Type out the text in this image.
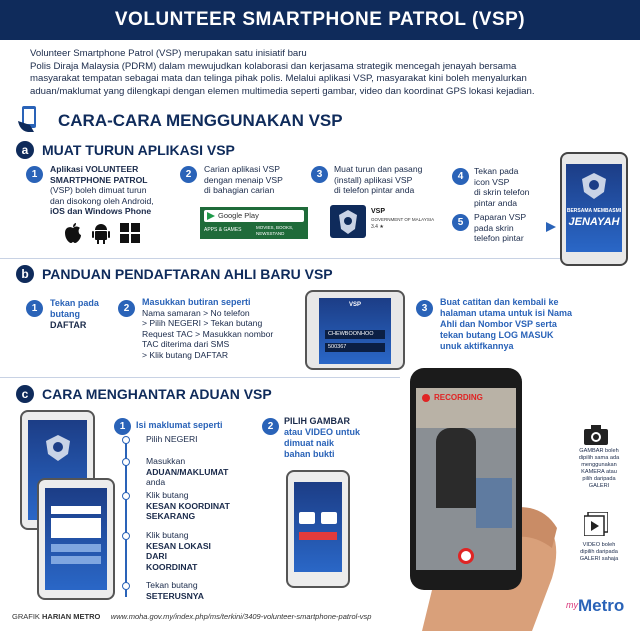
VOLUNTEER SMARTPHONE PATROL (VSP)
Volunteer Smartphone Patrol (VSP) merupakan satu inisiatif baru
Polis Diraja Malaysia (PDRM) dalam mewujudkan kolaborasi dan kerjasama strategik mencegah jenayah bersama
masyarakat tempatan sebagai mata dan telinga pihak polis. Melalui aplikasi VSP, masyarakat kini boleh menyalurkan
aduan/maklumat yang dilengkapi dengan elemen multimedia seperti gambar, video dan koordinat GPS lokasi kejadian.
CARA-CARA MENGGUNAKAN VSP
a MUAT TURUN APLIKASI VSP
1	Aplikasi VOLUNTEER
SMARTPHONE PATROL
(VSP) boleh dimuat turun
dan disokong oleh Android,
iOS dan Windows Phone
2	Carian aplikasi VSP
dengan menaip VSP
di bahagian carian
Google Play
APPS & GAMES	MOVIES, BOOKS, NEWSSTAND
3	Muat turun dan pasang
(install) aplikasi VSP
di telefon pintar anda
VSP
GOVERNMENT OF MALAYSIA
3.4 ★
4	Tekan pada
icon VSP
di skrin telefon
pintar anda
5	Paparan VSP
pada skrin
telefon pintar
BERSAMA MEMBASMI
JENAYAH
b PANDUAN PENDAFTARAN AHLI BARU VSP
1	Tekan pada
butang
DAFTAR
2
Masukkan butiran seperti
Nama samaran > No telefon
> Pilih NEGERI > Tekan butang
Request TAC > Masukkan nombor
TAC diterima dari SMS
> Klik butang DAFTAR
VSP
CHEWBOONHOO
500367
3
Buat catitan dan kembali ke
halaman utama untuk isi Nama
Ahli dan Nombor VSP serta
tekan butang LOG MASUK
unuk aktifkannya
c CARA MENGHANTAR ADUAN VSP
1	Isi maklumat seperti
Pilih NEGERI
Masukkan
ADUAN/MAKLUMAT
anda
Klik butang
KESAN KOORDINAT
SEKARANG
Klik butang
KESAN LOKASI
DARI
KOORDINAT
Tekan butang
SETERUSNYA
2	PILIH GAMBAR
atau VIDEO untuk
dimuat naik
bahan bukti
RECORDING
GAMBAR boleh
dipilih sama ada
menggunakan
KAMERA atau
pilih daripada
GALERI
VIDEO boleh
dipilih daripada
GALERI sahaja
GRAFIK HARIAN METRO www.moha.gov.my/index.php/ms/terkini/3409-volunteer-smartphone-patrol-vsp
my Metro
